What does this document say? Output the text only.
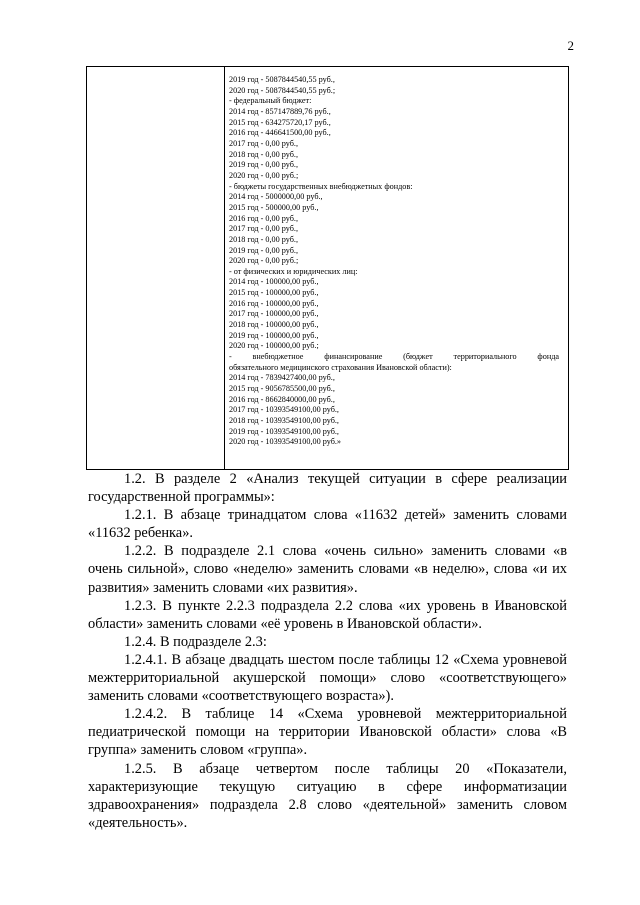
2
2019 год - 5087844540,55 руб.,
2020 год - 5087844540,55 руб.;
- федеральный бюджет:
2014 год - 857147889,76 руб.,
2015 год - 634275720,17 руб.,
2016 год - 446641500,00 руб.,
2017 год - 0,00 руб.,
2018 год - 0,00 руб.,
2019 год - 0,00 руб.,
2020 год - 0,00 руб.;
- бюджеты государственных внебюджетных фондов:
2014 год - 5000000,00 руб.,
2015 год - 500000,00 руб.,
2016 год - 0,00 руб.,
2017 год - 0,00 руб.,
2018 год - 0,00 руб.,
2019 год - 0,00 руб.,
2020 год - 0,00 руб.;
- от физических и юридических лиц:
2014 год - 100000,00 руб.,
2015 год - 100000,00 руб.,
2016 год - 100000,00 руб.,
2017 год - 100000,00 руб.,
2018 год - 100000,00 руб.,
2019 год - 100000,00 руб.,
2020 год - 100000,00 руб.;
- внебюджетное финансирование (бюджет территориального фонда
обязательного медицинского страхования Ивановской области):
2014 год - 7839427400,00 руб.,
2015 год - 9056785500,00 руб.,
2016 год - 8662840000,00 руб.,
2017 год - 10393549100,00 руб.,
2018 год - 10393549100,00 руб.,
2019 год - 10393549100,00 руб.,
2020 год - 10393549100,00 руб.»

1.2. В разделе 2 «Анализ текущей ситуации в сфере реализации государственной программы»:

1.2.1. В абзаце тринадцатом слова «11632 детей» заменить словами «11632 ребенка».

1.2.2. В подразделе 2.1 слова «очень сильно» заменить словами «в очень сильной», слово «неделю» заменить словами «в неделю», слова «и их развития» заменить словами «их развития».

1.2.3. В пункте 2.2.3 подраздела 2.2 слова «их уровень в Ивановской области» заменить словами «её уровень в Ивановской области».

1.2.4. В подразделе 2.3:

1.2.4.1. В абзаце двадцать шестом после таблицы 12 «Схема уровневой межтерриториальной акушерской помощи» слово «соответствующего» заменить словами «соответствующего возраста»).

1.2.4.2. В таблице 14 «Схема уровневой межтерриториальной педиатрической помощи на территории Ивановской области» слова «В группа» заменить словом «группа».

1.2.5. В абзаце четвертом после таблицы 20 «Показатели, характеризующие текущую ситуацию в сфере информатизации здравоохранения» подраздела 2.8 слово «деятельной» заменить словом «деятельность».
